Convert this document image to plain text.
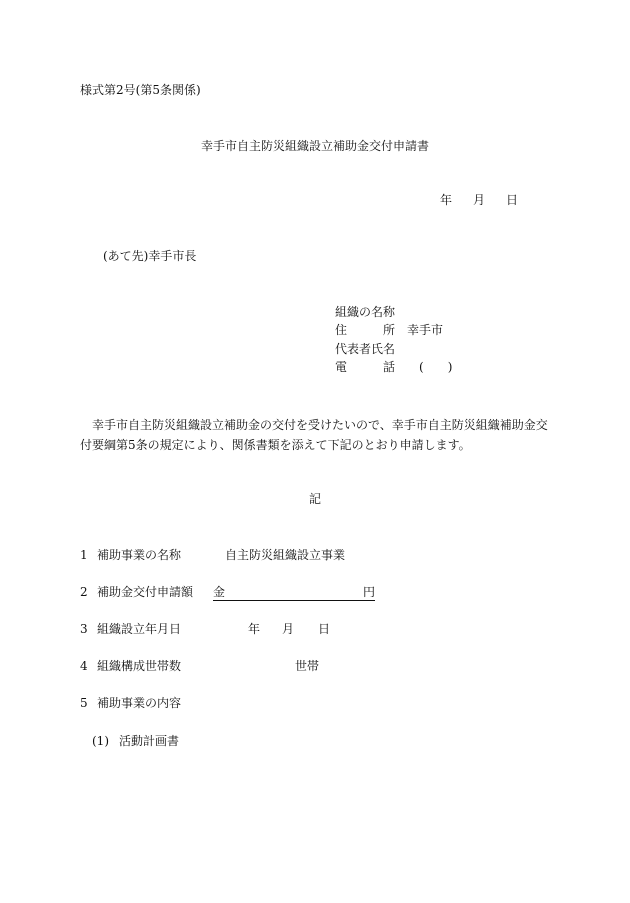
様式第2号(第5条関係)
幸手市自主防災組織設立補助金交付申請書
年 月 日
(あて先)幸手市長
組織の名称
住	所 幸手市
代表者氏名
電	話 (　　)
幸手市自主防災組織設立補助金の交付を受けたいので、幸手市自主防災組織補助金交付要綱第5条の規定により、関係書類を添えて下記のとおり申請します。
記
1 補助事業の名称	自主防災組織設立事業
2 補助金交付申請額 金	円
3 組織設立年月日	年 月 日
4 組織構成世帯数	世帯
5 補助事業の内容
(1) 活動計画書
